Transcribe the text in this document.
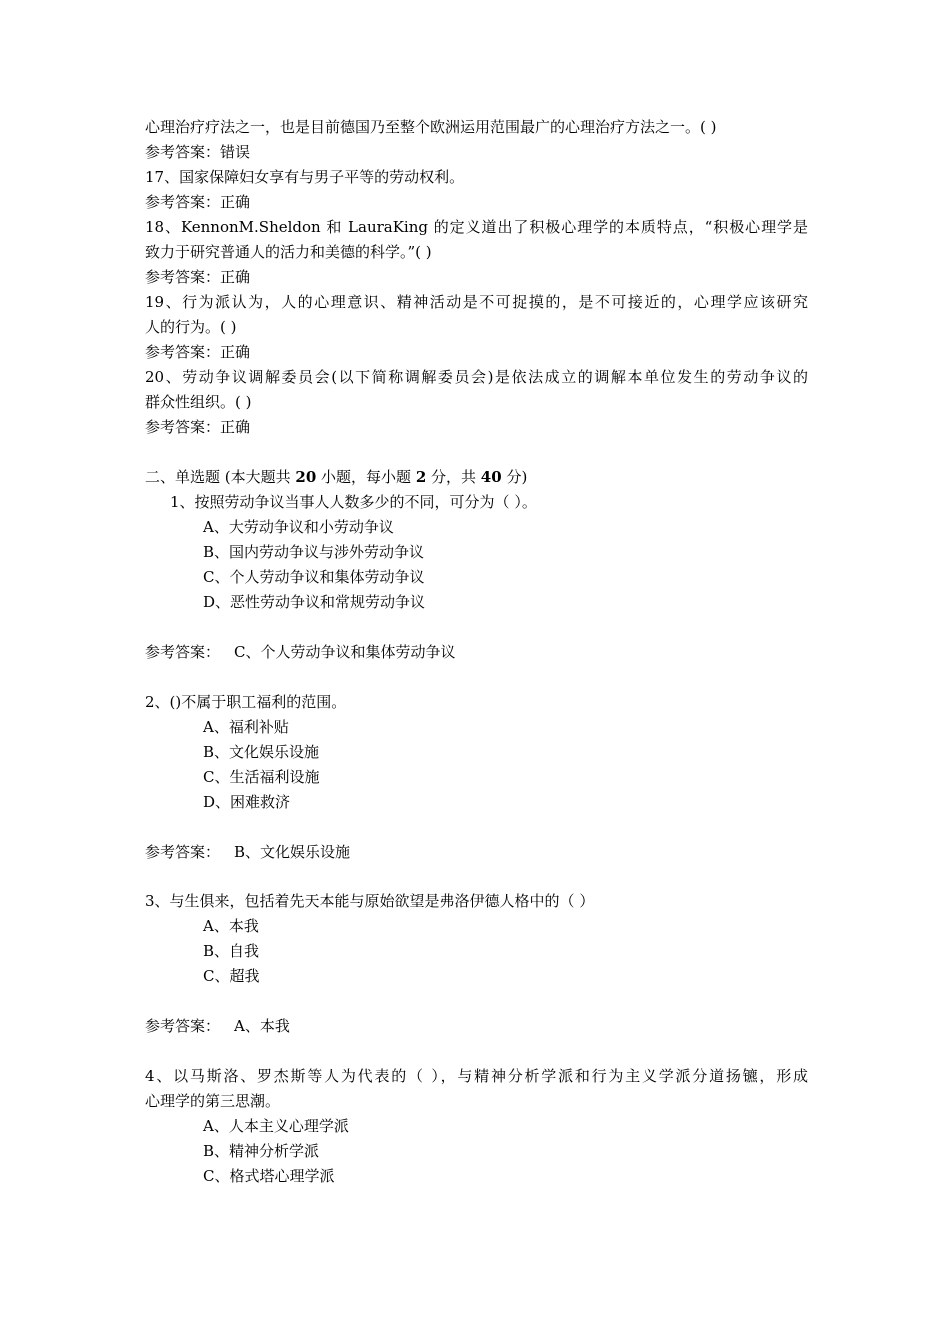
心理治疗疗法之一，也是目前德国乃至整个欧洲运用范围最广的心理治疗方法之一。( )
参考答案：错误
17、国家保障妇女享有与男子平等的劳动权利。
参考答案：正确
18、KennonM.Sheldon 和 LauraKing 的定义道出了积极心理学的本质特点，“积极心理学是
致力于研究普通人的活力和美德的科学。”( )
参考答案：正确
19、行为派认为，人的心理意识、精神活动是不可捉摸的，是不可接近的，心理学应该研究
人的行为。( )
参考答案：正确
20、劳动争议调解委员会(以下简称调解委员会)是依法成立的调解本单位发生的劳动争议的
群众性组织。( )
参考答案：正确
二、单选题 (本大题共 20 小题，每小题 2 分，共 40 分)
1、按照劳动争议当事人人数多少的不同，可分为（ ）。
A、大劳动争议和小劳动争议
B、国内劳动争议与涉外劳动争议
C、个人劳动争议和集体劳动争议
D、恶性劳动争议和常规劳动争议
参考答案： C、个人劳动争议和集体劳动争议
2、()不属于职工福利的范围。
A、福利补贴
B、文化娱乐设施
C、生活福利设施
D、困难救济
参考答案： B、文化娱乐设施
3、与生俱来，包括着先天本能与原始欲望是弗洛伊德人格中的（ ）
A、本我
B、自我
C、超我
参考答案： A、本我
4、以马斯洛、罗杰斯等人为代表的（ ），与精神分析学派和行为主义学派分道扬镳，形成
心理学的第三思潮。
A、人本主义心理学派
B、精神分析学派
C、格式塔心理学派
